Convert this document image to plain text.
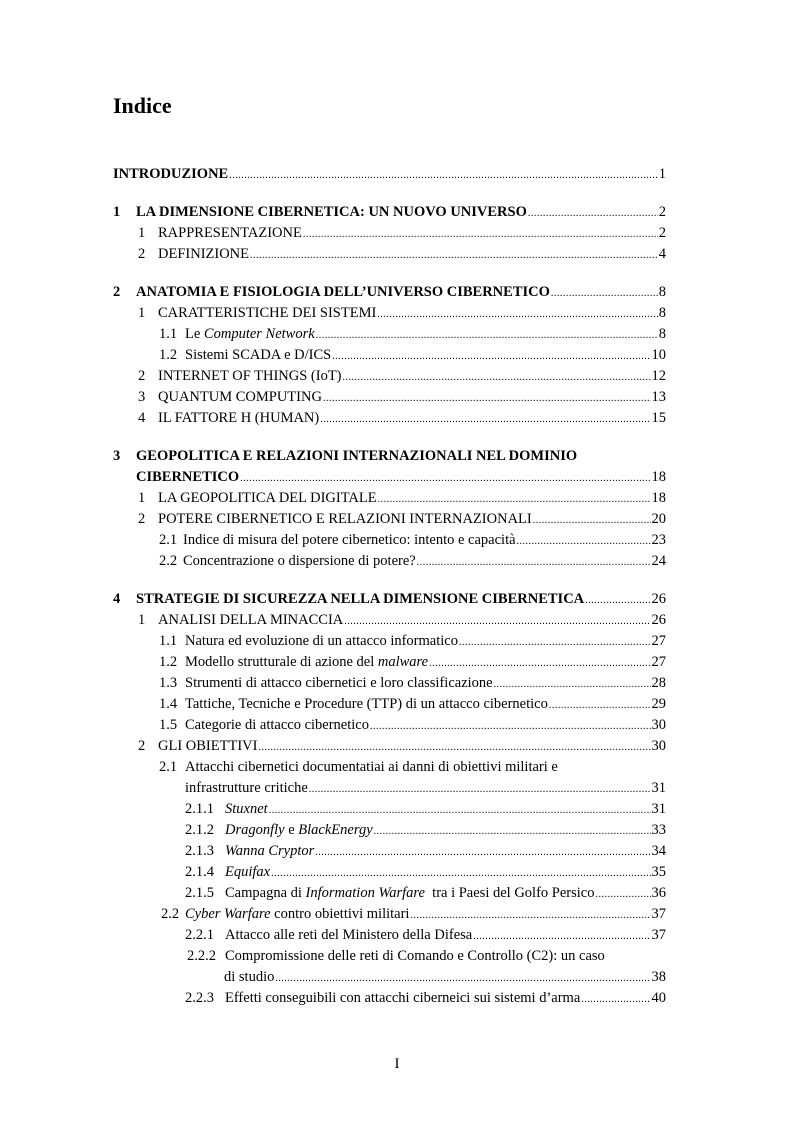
Indice
INTRODUZIONE . . .	1
1	LA DIMENSIONE CIBERNETICA: UN NUOVO UNIVERSO . . .	2
1 RAPPRESENTAZIONE . . .	2
2 DEFINIZIONE . . .	4
2	ANATOMIA E FISIOLOGIA DELL’UNIVERSO CIBERNETICO . . .	8
1 CARATTERISTICHE DEI SISTEMI . . .	8
1.1 Le Computer Network . . .	8
1.2 Sistemi SCADA e D/ICS . . .	10
2 INTERNET OF THINGS (IoT) . . .	12
3 QUANTUM COMPUTING . . .	13
4 IL FATTORE H (HUMAN) . . .	15
3	GEOPOLITICA E RELAZIONI INTERNAZIONALI NEL DOMINIO
CIBERNETICO . . .	18
1 LA GEOPOLITICA DEL DIGITALE . . .	18
2 POTERE CIBERNETICO E RELAZIONI INTERNAZIONALI . . .	20
2.1 Indice di misura del potere cibernetico: intento e capacità . . .	23
2.2 Concentrazione o dispersione di potere? . . .	24
4	STRATEGIE DI SICUREZZA NELLA DIMENSIONE CIBERNETICA . . .	26
1 ANALISI DELLA MINACCIA . . .	26
1.1 Natura ed evoluzione di un attacco informatico . . .	27
1.2 Modello strutturale di azione del malware . . .	27
1.3 Strumenti di attacco cibernetici e loro classificazione . . .	28
1.4 Tattiche, Tecniche e Procedure (TTP) di un attacco cibernetico . . .	29
1.5 Categorie di attacco cibernetico . . .	30
2 GLI OBIETTIVI . . .	30
2.1 Attacchi cibernetici documentatiai ai danni di obiettivi militari e
infrastrutture critiche . . .	31
2.1.1 Stuxnet . . .	31
2.1.2 Dragonfly e BlackEnergy . . .	33
2.1.3 Wanna Cryptor . . .	34
2.1.4 Equifax . . .	35
2.1.5 Campagna di Information Warfare  tra i Paesi del Golfo Persico . . .	36
2.2 Cyber Warfare contro obiettivi militari . . .	37
2.2.1 Attacco alle reti del Ministero della Difesa . . .	37
2.2.2 Compromissione delle reti di Comando e Controllo (C2): un caso
di studio . . .	38
2.2.3 Effetti conseguibili con attacchi ciberneici sui sistemi d’arma . . .	40
I
